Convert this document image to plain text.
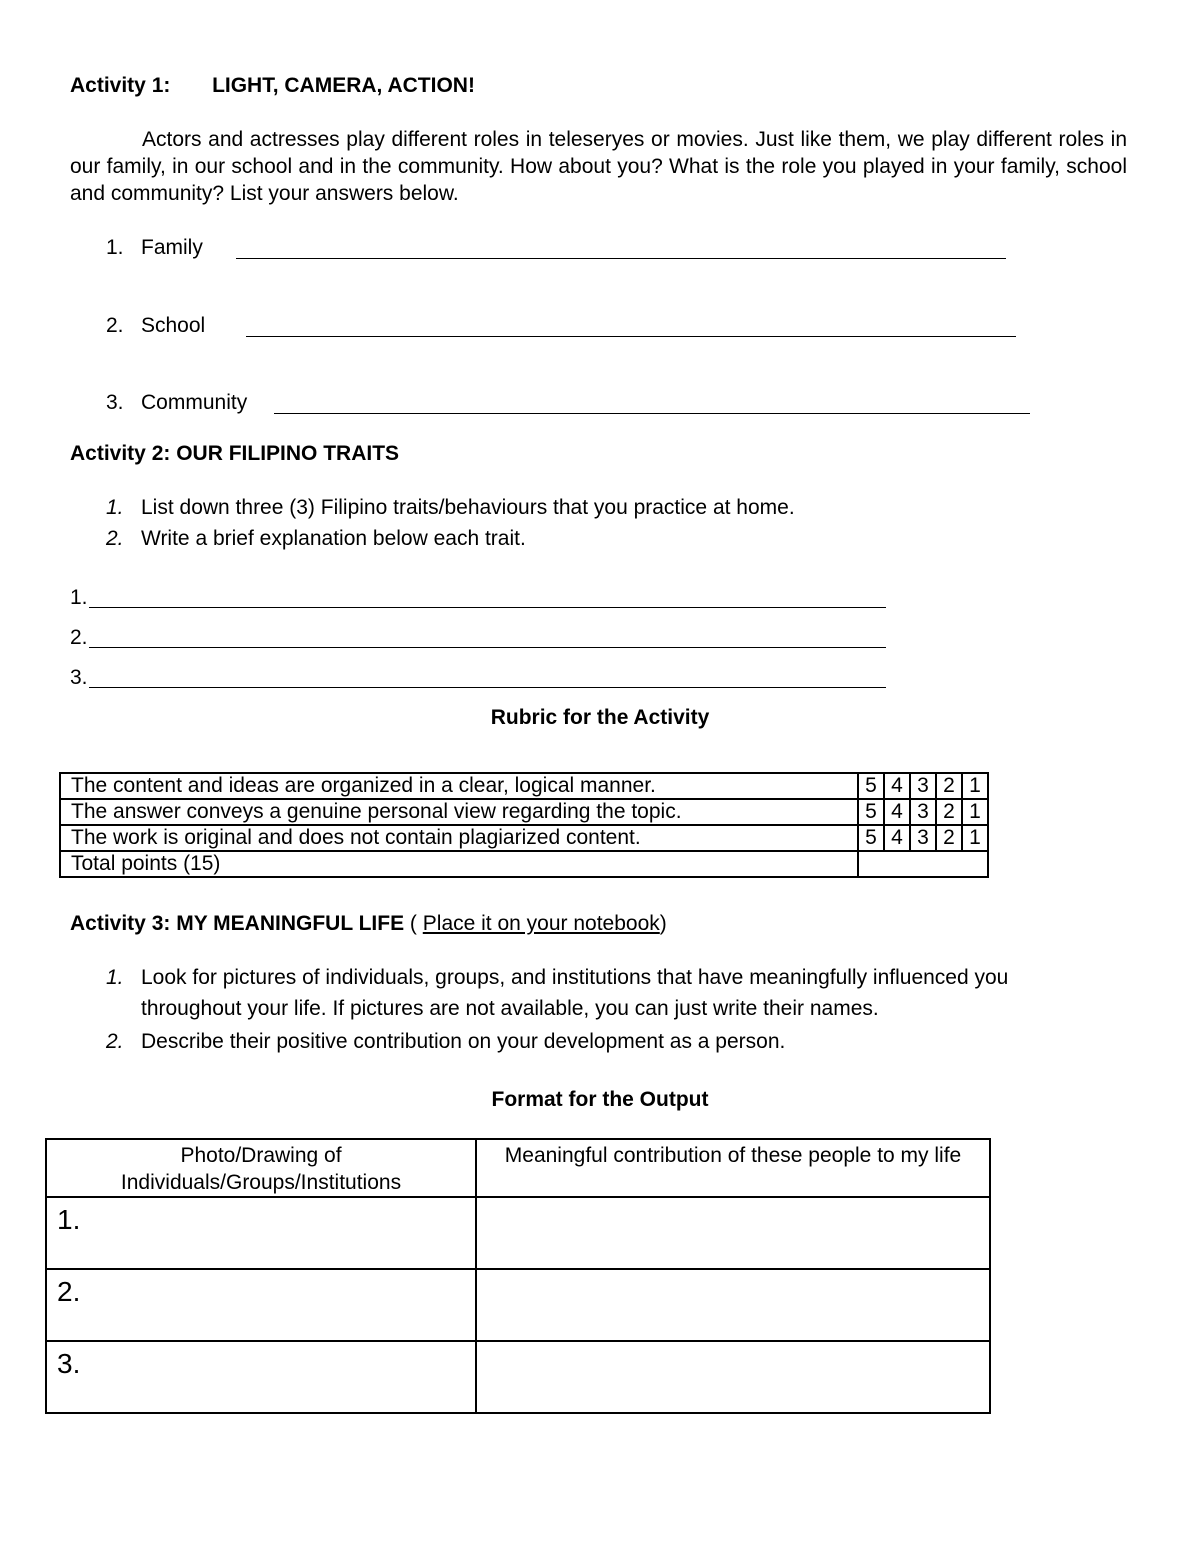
Activity 1: LIGHT, CAMERA, ACTION!
Actors and actresses play different roles in teleseryes or movies. Just like them, we play different roles in our family, in our school and in the community. How about you? What is the role you played in your family, school and community? List your answers below.
1. Family
2. School
3. Community
Activity 2: OUR FILIPINO TRAITS
1. List down three (3) Filipino traits/behaviours that you practice at home.
2. Write a brief explanation below each trait.
1.
2.
3.
Rubric for the Activity
The content and ideas are organized in a clear, logical manner.	5	4	3	2	1
The answer conveys a genuine personal view regarding the topic.	5	4	3	2	1
The work is original and does not contain plagiarized content.	5	4	3	2	1
Total points (15)					
Activity 3: MY MEANINGFUL LIFE ( Place it on your notebook)
1. Look for pictures of individuals, groups, and institutions that have meaningfully influenced you
throughout your life. If pictures are not available, you can just write their names.
2. Describe their positive contribution on your development as a person.
Format for the Output
Photo/Drawing of Individuals/Groups/Institutions	Meaningful contribution of these people to my life
1.	
2.	
3.	
